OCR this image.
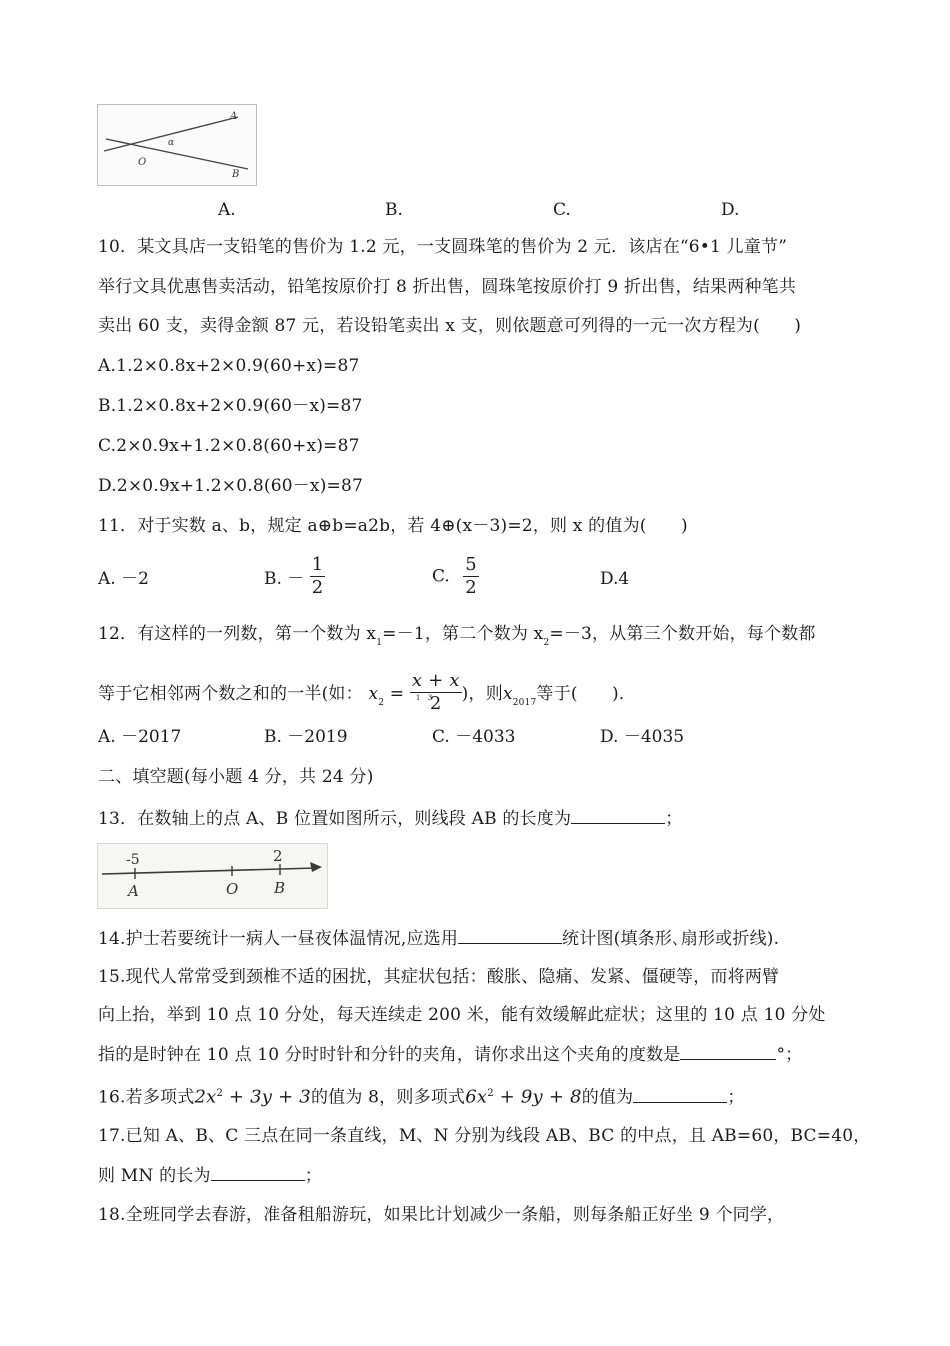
A
O
α
B
A.	B.	C.	D.
10．某文具店一支铅笔的售价为 1.2 元，一支圆珠笔的售价为 2 元．该店在“6•1 儿童节”
举行文具优惠售卖活动，铅笔按原价打 8 折出售，圆珠笔按原价打 9 折出售，结果两种笔共
卖出 60 支，卖得金额 87 元，若设铅笔卖出 x 支，则依题意可列得的一元一次方程为(　　)
A.1.2×0.8x+2×0.9(60+x)=87
B.1.2×0.8x+2×0.9(60－x)=87
C.2×0.9x+1.2×0.8(60+x)=87
D.2×0.9x+1.2×0.8(60－x)=87
11．对于实数 a、b，规定 a⊕b=a2b，若 4⊕(x－3)=2，则 x 的值为(　　)
A. －2	B. － $\frac{1}{2}$	C. $\frac{5}{2}$	D.4
12．有这样的一列数，第一个数为 $x_1=-1$，第二个数为 $x_2=-3$，从第三个数开始，每个数都
等于它相邻两个数之和的一半(如： $x_2$ =
x + x
2
1   3 )，则$x_{2017}$等于(　　)．
A. －2017	B. －2019	C. －4033	D. －4035
二、填空题(每小题 4 分，共 24 分)
13．在数轴上的点 A、B 位置如图所示，则线段 AB 的长度为	；
-5	2
A	O B
14.护士若要统计一病人一昼夜体温情况,应选用	统计图(填条形､扇形或折线).
15.现代人常常受到颈椎不适的困扰，其症状包括：酸胀、隐痛、发紧、僵硬等，而将两臂
向上抬，举到 10 点 10 分处，每天连续走 200 米，能有效缓解此症状；这里的 10 点 10 分处
指的是时钟在 10 点 10 分时时针和分针的夹角，请你求出这个夹角的度数是	°；
16.若多项式$2x^2 + 3y + 3$的值为 8，则多项式$6x^2 + 9y + 8$的值为	；
17.已知 A、B、C 三点在同一条直线，M、N 分别为线段 AB、BC 的中点，且 AB=60，BC=40，
则 MN 的长为	；
18.全班同学去春游，准备租船游玩，如果比计划减少一条船，则每条船正好坐 9 个同学，
